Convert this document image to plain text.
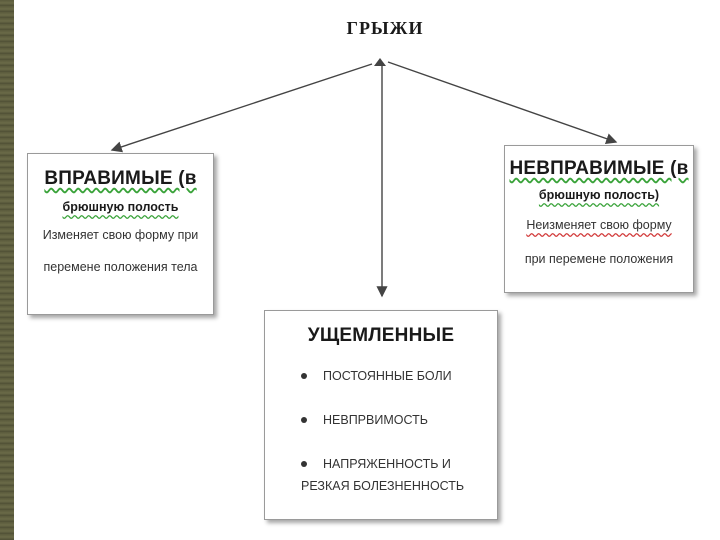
ГРЫЖИ
ВПРАВИМЫЕ (в
брюшную полость
Изменяет свою форму при
перемене положения тела
НЕВПРАВИМЫЕ (в
брюшную полость)
Неизменяет свою форму
при перемене положения
УЩЕМЛЕННЫЕ
ПОСТОЯННЫЕ БОЛИ
НЕВПРВИМОСТЬ
НАПРЯЖЕННОСТЬ И
РЕЗКАЯ БОЛЕЗНЕННОСТЬ
